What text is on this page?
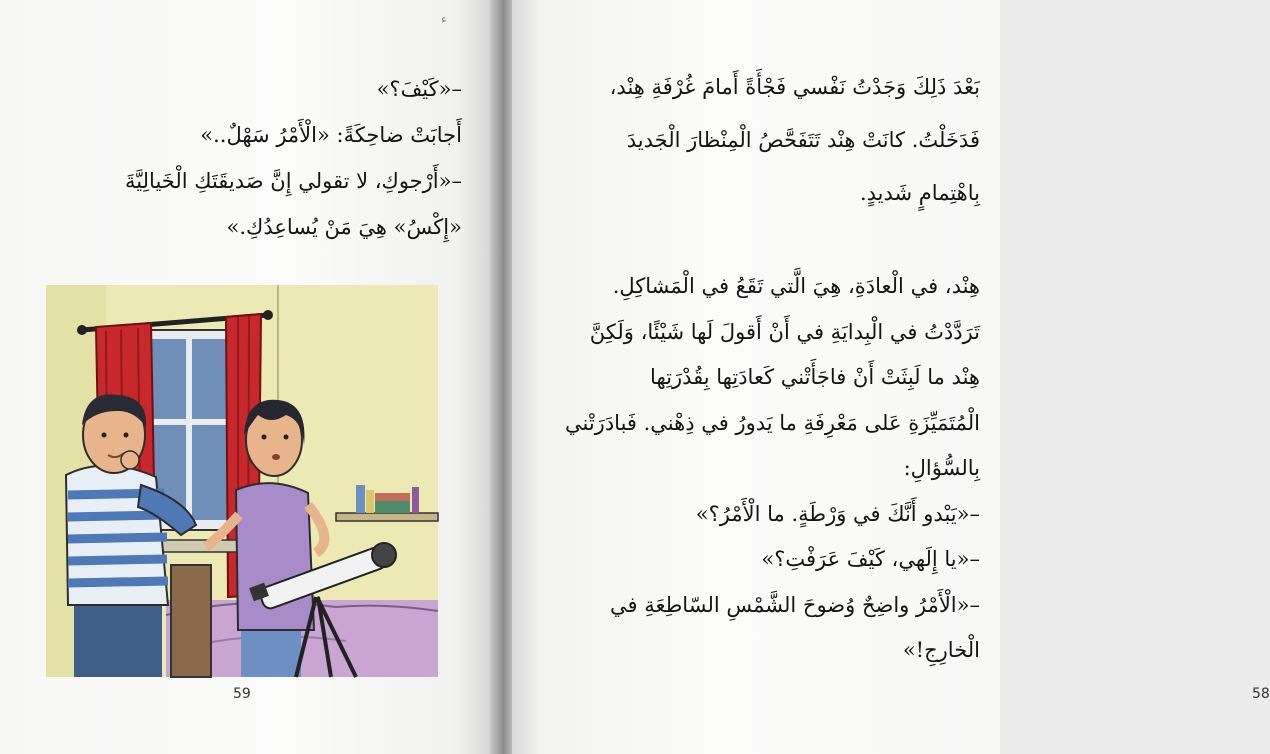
ﺀ
–«كَيْفَ؟»
أَجابَتْ ضاحِكَةً: «الْأَمْرُ سَهْلٌ..»
–«أَرْجوكِ، لا تقولي إِنَّ صَديقَتَكِ الْخَيالِيَّةَ
«إِكْسُ» هِيَ مَنْ يُساعِدُكِ.»
59
بَعْدَ ذَلِكَ وَجَدْتُ نَفْسي فَجْأَةً أَمامَ غُرْفَةِ هِنْد،
فَدَخَلْتُ. كانَتْ هِنْد تَتَفَحَّصُ الْمِنْظارَ الْجَديدَ
بِاهْتِمامٍ شَديدٍ.
هِنْد، في الْعادَةِ، هِيَ الَّتي تَقَعُ في الْمَشاكِلِ.
تَرَدَّدْتُ في الْبِدايَةِ في أَنْ أَقولَ لَها شَيْئًا، وَلَكِنَّ
هِنْد ما لَبِثَتْ أَنْ فاجَأَتْني كَعادَتِها بِقُدْرَتِها
الْمُتَمَيِّزَةِ عَلى مَعْرِفَةِ ما يَدورُ في ذِهْني. فَبادَرَتْني
بِالسُّؤالِ:
–«يَبْدو أَنَّكَ في وَرْطَةٍ. ما الْأَمْرُ؟»
–«يا إِلَهي، كَيْفَ عَرَفْتِ؟»
–«الْأَمْرُ واضِحٌ وُضوحَ الشَّمْسِ السّاطِعَةِ في
الْخارِجِ!»
58
